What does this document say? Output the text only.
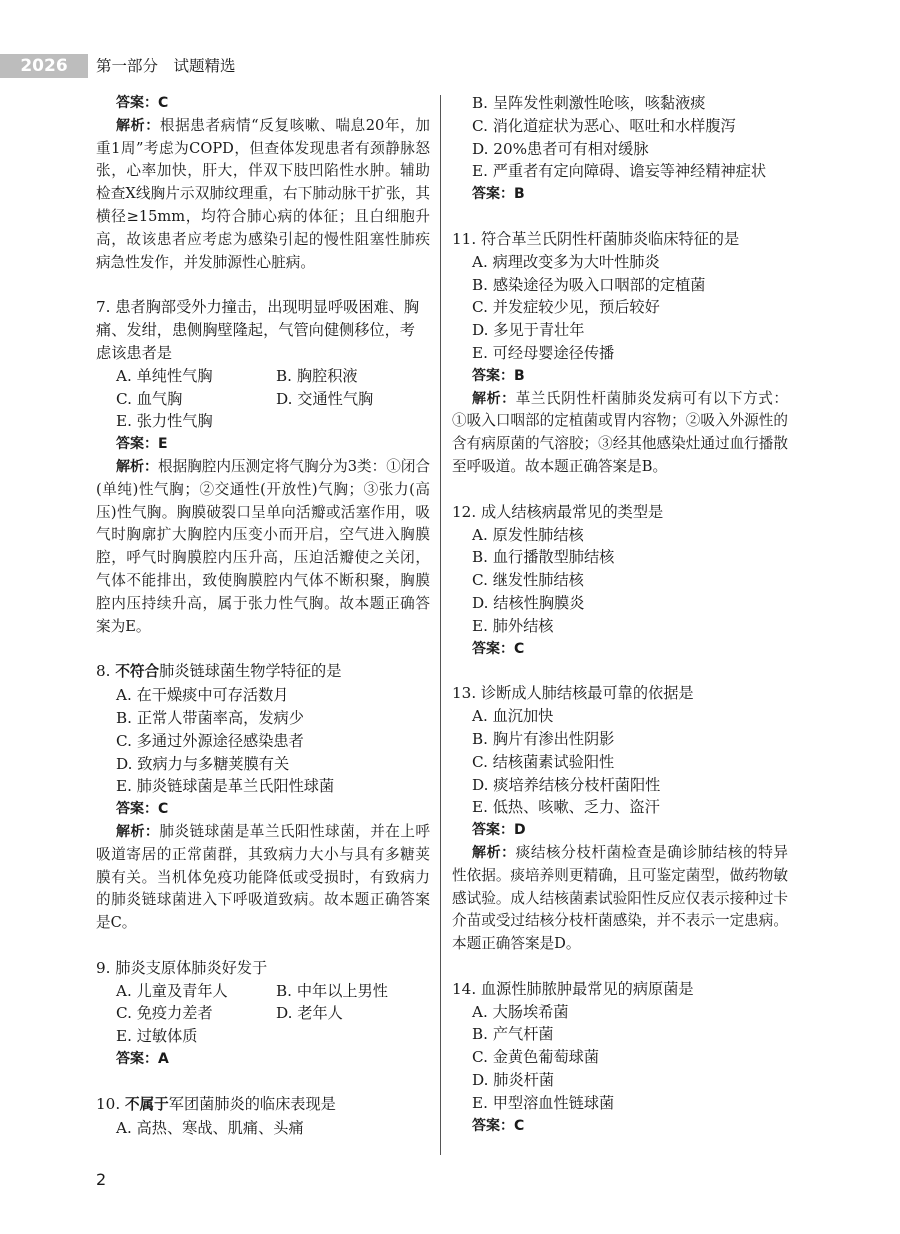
2026	第一部分　试题精选
答案：C
解析：根据患者病情“反复咳嗽、喘息20年，加重1周”考虑为COPD，但查体发现患者有颈静脉怒张，心率加快，肝大，伴双下肢凹陷性水肿。辅助检查X线胸片示双肺纹理重，右下肺动脉干扩张，其横径≥15mm，均符合肺心病的体征；且白细胞升高，故该患者应考虑为感染引起的慢性阻塞性肺疾病急性发作，并发肺源性心脏病。
7. 患者胸部受外力撞击，出现明显呼吸困难、胸痛、发绀，患侧胸壁隆起，气管向健侧移位，考虑该患者是
A. 单纯性气胸	B. 胸腔积液
C. 血气胸	D. 交通性气胸
E. 张力性气胸
答案：E
解析：根据胸腔内压测定将气胸分为3类：①闭合(单纯)性气胸；②交通性(开放性)气胸；③张力(高压)性气胸。胸膜破裂口呈单向活瓣或活塞作用，吸气时胸廓扩大胸腔内压变小而开启，空气进入胸膜腔，呼气时胸膜腔内压升高，压迫活瓣使之关闭，气体不能排出，致使胸膜腔内气体不断积聚，胸膜腔内压持续升高，属于张力性气胸。故本题正确答案为E。
8. 不符合肺炎链球菌生物学特征的是
A. 在干燥痰中可存活数月
B. 正常人带菌率高，发病少
C. 多通过外源途径感染患者
D. 致病力与多糖荚膜有关
E. 肺炎链球菌是革兰氏阳性球菌
答案：C
解析：肺炎链球菌是革兰氏阳性球菌，并在上呼吸道寄居的正常菌群，其致病力大小与具有多糖荚膜有关。当机体免疫功能降低或受损时，有致病力的肺炎链球菌进入下呼吸道致病。故本题正确答案是C。
9. 肺炎支原体肺炎好发于
A. 儿童及青年人	B. 中年以上男性
C. 免疫力差者	D. 老年人
E. 过敏体质
答案：A
10. 不属于军团菌肺炎的临床表现是
A. 高热、寒战、肌痛、头痛
B. 呈阵发性刺激性呛咳，咳黏液痰
C. 消化道症状为恶心、呕吐和水样腹泻
D. 20%患者可有相对缓脉
E. 严重者有定向障碍、谵妄等神经精神症状
答案：B
11. 符合革兰氏阴性杆菌肺炎临床特征的是
A. 病理改变多为大叶性肺炎
B. 感染途径为吸入口咽部的定植菌
C. 并发症较少见，预后较好
D. 多见于青壮年
E. 可经母婴途径传播
答案：B
解析：革兰氏阴性杆菌肺炎发病可有以下方式：①吸入口咽部的定植菌或胃内容物；②吸入外源性的含有病原菌的气溶胶；③经其他感染灶通过血行播散至呼吸道。故本题正确答案是B。
12. 成人结核病最常见的类型是
A. 原发性肺结核
B. 血行播散型肺结核
C. 继发性肺结核
D. 结核性胸膜炎
E. 肺外结核
答案：C
13. 诊断成人肺结核最可靠的依据是
A. 血沉加快
B. 胸片有渗出性阴影
C. 结核菌素试验阳性
D. 痰培养结核分枝杆菌阳性
E. 低热、咳嗽、乏力、盗汗
答案：D
解析：痰结核分枝杆菌检查是确诊肺结核的特异性依据。痰培养则更精确，且可鉴定菌型，做药物敏感试验。成人结核菌素试验阳性反应仅表示接种过卡介苗或受过结核分枝杆菌感染，并不表示一定患病。本题正确答案是D。
14. 血源性肺脓肿最常见的病原菌是
A. 大肠埃希菌
B. 产气杆菌
C. 金黄色葡萄球菌
D. 肺炎杆菌
E. 甲型溶血性链球菌
答案：C
2
